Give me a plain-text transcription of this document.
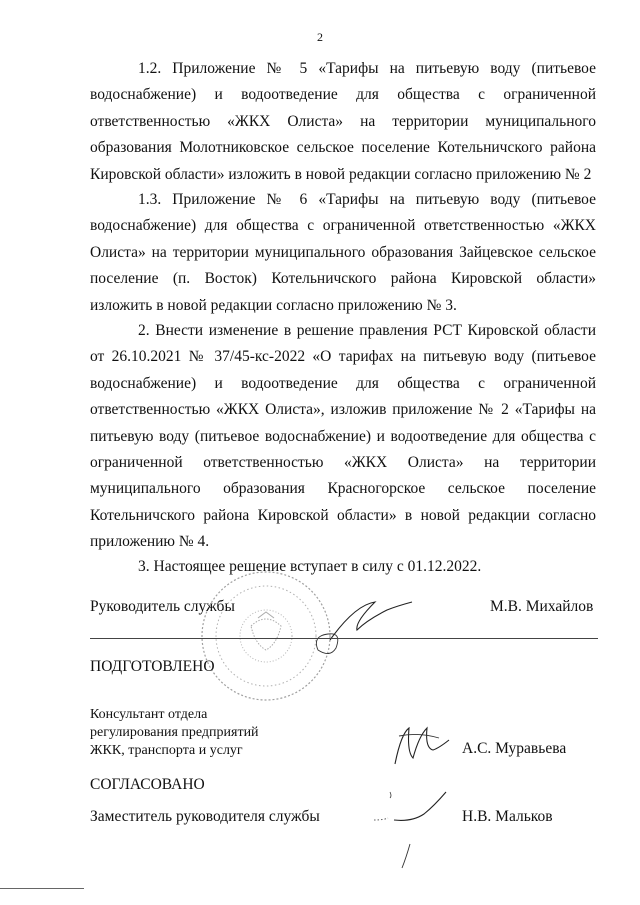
2

1.2. Приложение № 5 «Тарифы на питьевую воду (питьевое водоснабжение) и водоотведение для общества с ограниченной ответственностью «ЖКХ Олиста» на территории муниципального образования Молотниковское сельское поселение Котельничского района Кировской области» изложить в новой редакции согласно приложению № 2

1.3. Приложение № 6 «Тарифы на питьевую воду (питьевое водоснабжение) для общества с ограниченной ответственностью «ЖКХ Олиста» на территории муниципального образования Зайцевское сельское поселение (п. Восток) Котельничского района Кировской области» изложить в новой редакции согласно приложению № 3.

2. Внести изменение в решение правления РСТ Кировской области от 26.10.2021 № 37/45-кс-2022 «О тарифах на питьевую воду (питьевое водоснабжение) и водоотведение для общества с ограниченной ответственностью «ЖКХ Олиста», изложив приложение № 2 «Тарифы на питьевую воду (питьевое водоснабжение) и водоотведение для общества с ограниченной ответственностью «ЖКХ Олиста» на территории муниципального образования Красногорское сельское поселение Котельничского района Кировской области» в новой редакции согласно приложению № 4.

3. Настоящее решение вступает в силу с 01.12.2022.

Руководитель службы	М.В. Михайлов
ПОДГОТОВЛЕНО
Консультант отдела
регулирования предприятий
ЖКК, транспорта и услуг	А.С. Муравьева
СОГЛАСОВАНО
Заместитель руководителя службы	Н.В. Мальков
